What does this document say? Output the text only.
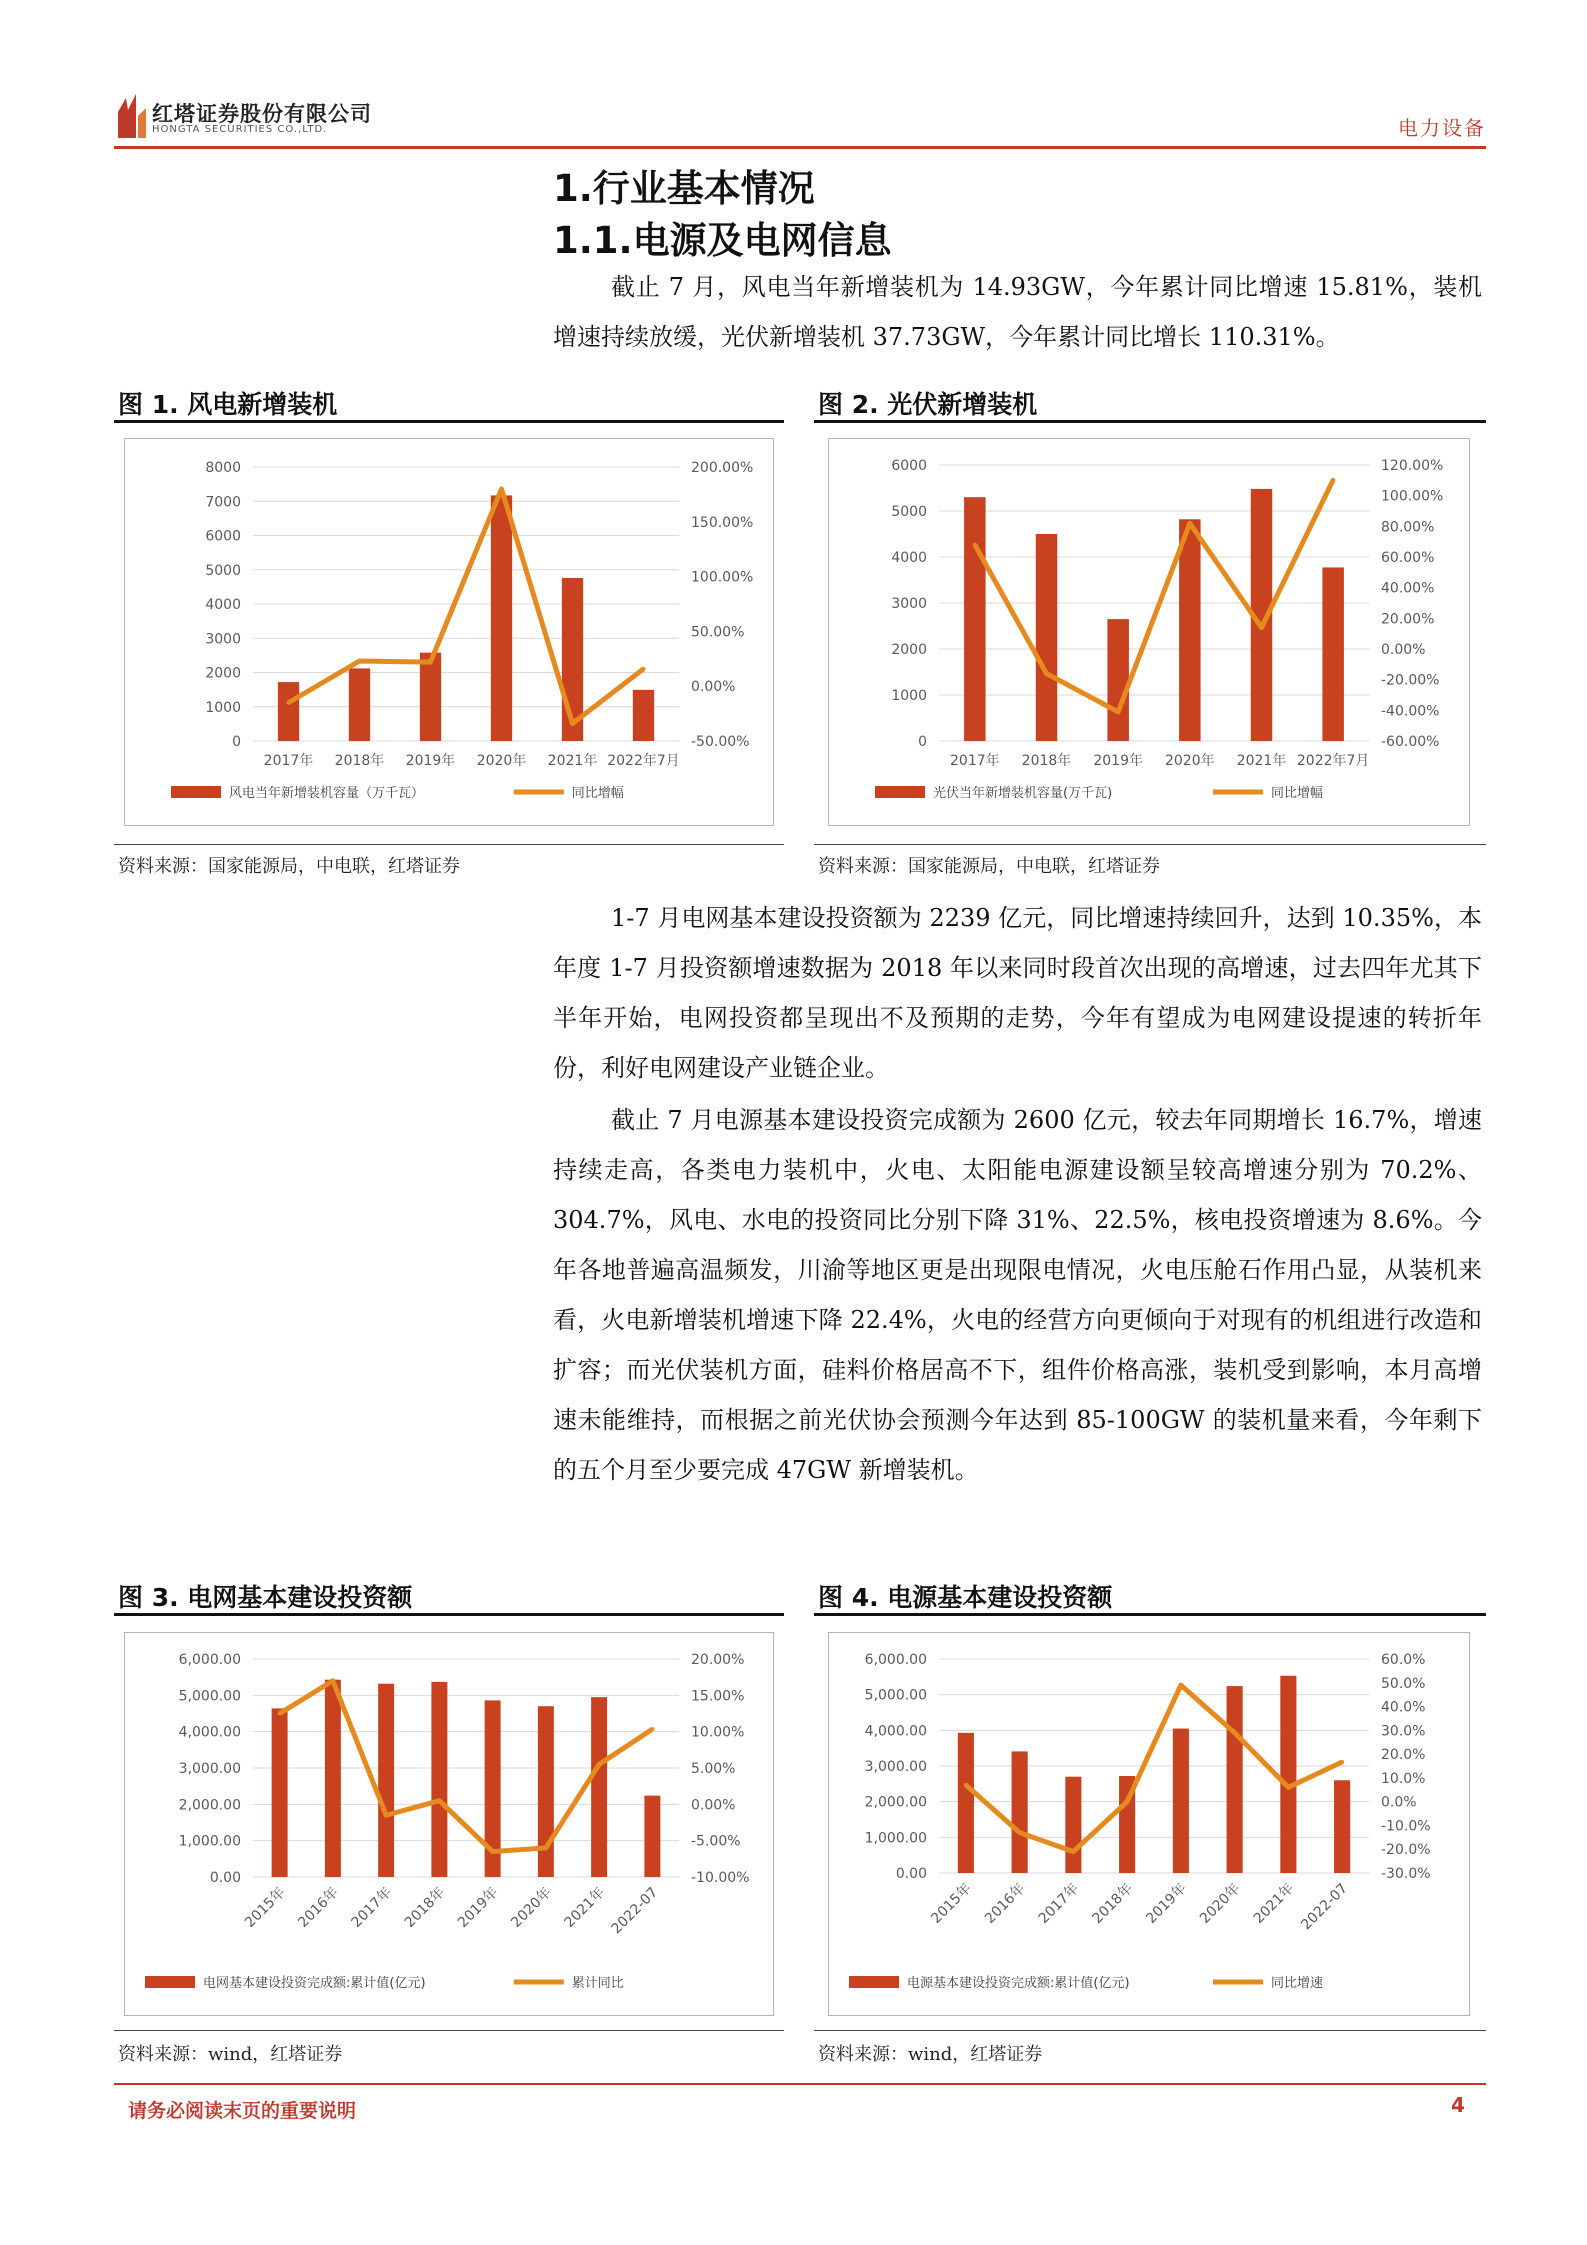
红塔证券股份有限公司
HONGTA SECURITIES CO.,LTD.	电力设备
1.行业基本情况
1.1.电源及电网信息

截止 7 月，风电当年新增装机为 14.93GW，今年累计同比增速 15.81%，装机增速持续放缓，光伏新增装机 37.73GW，今年累计同比增长 110.31%。

图 1. 风电新增装机
0
1000
2000
3000
4000
5000
6000
7000
8000
-50.00%
0.00%
50.00%
100.00%
150.00%
200.00%
2017年 2018年 2019年 2020年 2021年 2022年7月
风电当年新增装机容量（万千瓦）	同比增幅
资料来源：国家能源局，中电联，红塔证券
图 2. 光伏新增装机
0
1000
2000
3000
4000
5000
6000
-60.00%
-40.00%
-20.00%
0.00%
20.00%
40.00%
60.00%
80.00%
100.00%
120.00%
2017年 2018年 2019年 2020年 2021年 2022年7月
光伏当年新增装机容量(万千瓦)	同比增幅
资料来源：国家能源局，中电联，红塔证券

1-7 月电网基本建设投资额为 2239 亿元，同比增速持续回升，达到 10.35%，本年度 1-7 月投资额增速数据为 2018 年以来同时段首次出现的高增速，过去四年尤其下半年开始，电网投资都呈现出不及预期的走势，今年有望成为电网建设提速的转折年份，利好电网建设产业链企业。

截止 7 月电源基本建设投资完成额为 2600 亿元，较去年同期增长 16.7%，增速持续走高，各类电力装机中，火电、太阳能电源建设额呈较高增速分别为 70.2%、304.7%，风电、水电的投资同比分别下降 31%、22.5%，核电投资增速为 8.6%。今年各地普遍高温频发，川渝等地区更是出现限电情况，火电压舱石作用凸显，从装机来看，火电新增装机增速下降 22.4%，火电的经营方向更倾向于对现有的机组进行改造和扩容；而光伏装机方面，硅料价格居高不下，组件价格高涨，装机受到影响，本月高增速未能维持，而根据之前光伏协会预测今年达到 85-100GW 的装机量来看，今年剩下的五个月至少要完成 47GW 新增装机。

图 3. 电网基本建设投资额
0.00
1,000.00
2,000.00
3,000.00
4,000.00
5,000.00
6,000.00
-10.00%
-5.00%
0.00%
5.00%
10.00%
15.00%
20.00%
2015年 2016年 2017年 2018年 2019年 2020年 2021年 2022-07
电网基本建设投资完成额:累计值(亿元)	累计同比
资料来源：wind，红塔证券
图 4. 电源基本建设投资额
0.00
1,000.00
2,000.00
3,000.00
4,000.00
5,000.00
6,000.00
-30.0%
-20.0%
-10.0%
0.0%
10.0%
20.0%
30.0%
40.0%
50.0%
60.0%
2015年 2016年 2017年 2018年 2019年 2020年 2021年 2022-07
电源基本建设投资完成额:累计值(亿元)	同比增速
资料来源：wind，红塔证券
请务必阅读末页的重要说明	4
